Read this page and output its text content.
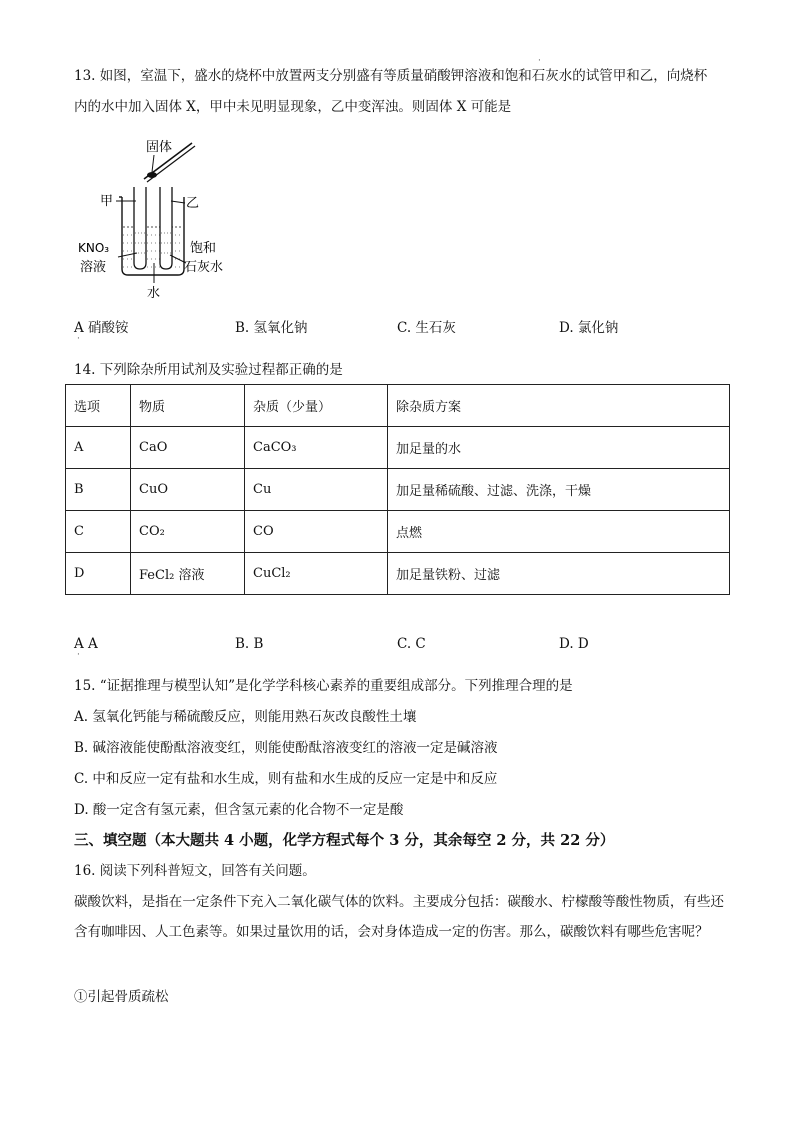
·
13. 如图，室温下，盛水的烧杯中放置两支分别盛有等质量硝酸钾溶液和饱和石灰水的试管甲和乙，向烧杯
内的水中加入固体 X，甲中未见明显现象，乙中变浑浊。则固体 X 可能是
固体
甲	乙
KNO₃
溶液
饱和
石灰水
水
A 硝酸铵	B. 氢氧化钠	C. 生石灰	D. 氯化钠
·
14. 下列除杂所用试剂及实验过程都正确的是
选项	物质	杂质（少量）	除杂质方案
A	CaO	CaCO₃	加足量的水
B	CuO	Cu	加足量稀硫酸、过滤、洗涤，干燥
C	CO₂	CO	点燃
D	FeCl₂ 溶液	CuCl₂	加足量铁粉、过滤
A A	B. B	C. C	D. D
·
15. “证据推理与模型认知”是化学学科核心素养的重要组成部分。下列推理合理的是
A. 氢氧化钙能与稀硫酸反应，则能用熟石灰改良酸性土壤
B. 碱溶液能使酚酞溶液变红，则能使酚酞溶液变红的溶液一定是碱溶液
C. 中和反应一定有盐和水生成，则有盐和水生成的反应一定是中和反应
D. 酸一定含有氢元素，但含氢元素的化合物不一定是酸
三、填空题（本大题共 4 小题，化学方程式每个 3 分，其余每空 2 分，共 22 分）
16. 阅读下列科普短文，回答有关问题。
碳酸饮料，是指在一定条件下充入二氧化碳气体的饮料。主要成分包括：碳酸水、柠檬酸等酸性物质，有些还含有咖啡因、人工色素等。如果过量饮用的话，会对身体造成一定的伤害。那么，碳酸饮料有哪些危害呢？
①引起骨质疏松
